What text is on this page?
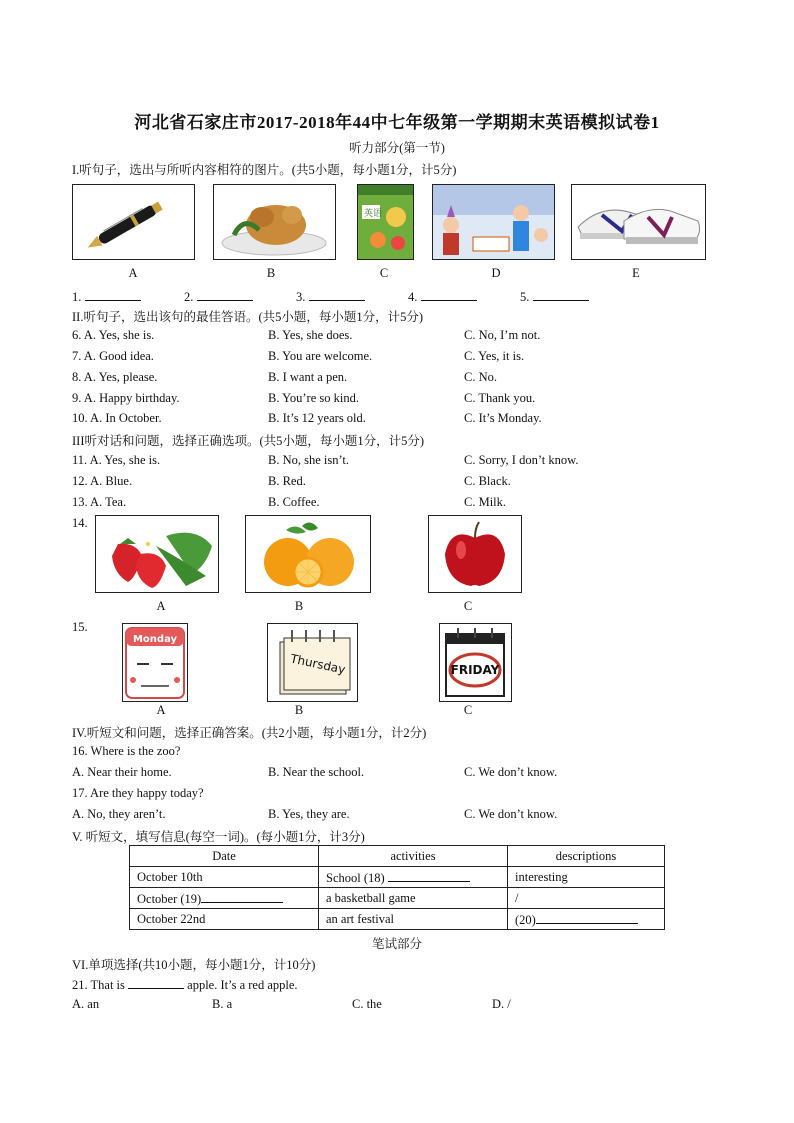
河北省石家庄市2017-2018年44中七年级第一学期期末英语模拟试卷1
听力部分(第一节)
I.听句子，选出与所听内容相符的图片。(共5小题，每小题1分，计5分)
英语
A	B	C	D	E
1.	2.	3.	4.	5.
II.听句子，选出该句的最佳答语。(共5小题，每小题1分，计5分)
6. A. Yes, she is.	B. Yes, she does.	C. No, I’m not.
7. A. Good idea.	B. You are welcome.	C. Yes, it is.
8. A. Yes, please.	B. I want a pen.	C. No.
9. A. Happy birthday.	B. You’re so kind.	C. Thank you.
10. A. In October.	B. It’s 12 years old.	C. It’s Monday.
III听对话和问题，选择正确选项。(共5小题，每小题1分，计5分)
11. A. Yes, she is.	B. No, she isn’t.	C. Sorry, I don’t know.
12. A. Blue.	B. Red.	C. Black.
13. A. Tea.	B. Coffee.	C. Milk.
14.
A	B	C
15.
Monday
Thursday	FRIDAY
A	B	C
IV.听短文和问题，选择正确答案。(共2小题，每小题1分，计2分)
16. Where is the zoo?
A. Near their home.	B. Near the school.	C. We don’t know.
17. Are they happy today?
A. No, they aren’t.	B. Yes, they are.	C. We don’t know.
V. 听短文，填写信息(每空一词)。(每小题1分，计3分)
Date	activities	descriptions
October 10th	School (18)	interesting
October (19)	a basketball game	/
October 22nd	an art festival	(20)
笔试部分
VI.单项选择(共10小题，每小题1分，计10分)
21. That is	apple. It’s a red apple.
A. an	B. a	C. the	D. /
